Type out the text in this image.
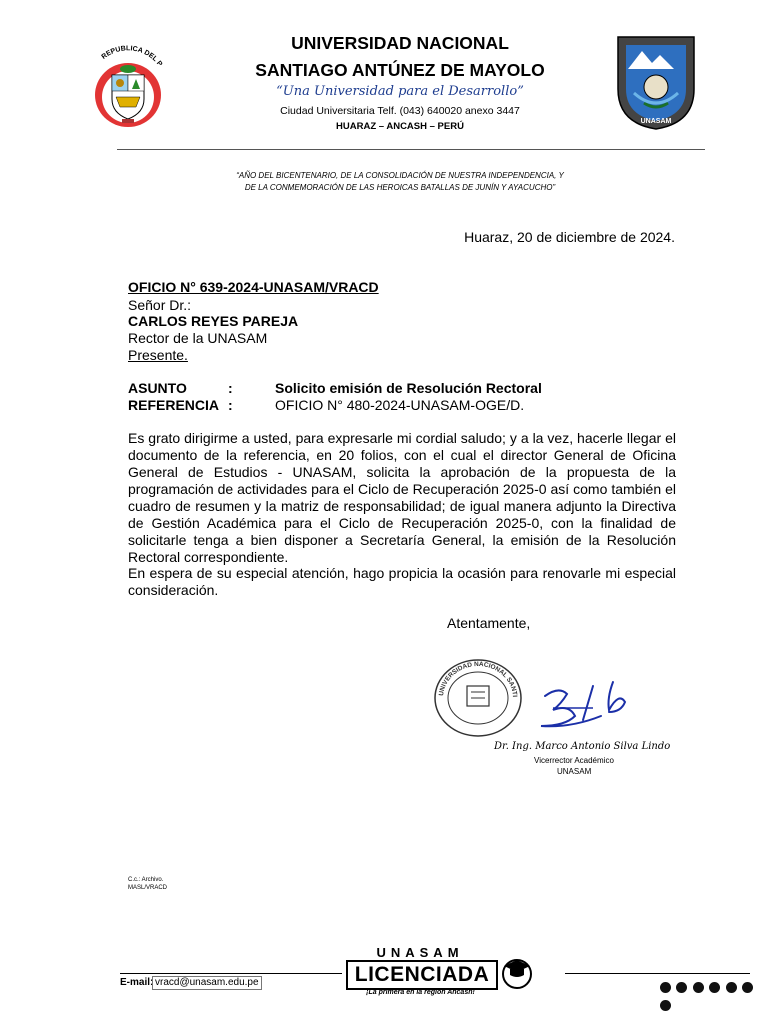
REPUBLICA DEL P
UNASAM
UNIVERSIDAD NACIONAL
SANTIAGO ANTÚNEZ DE MAYOLO
“Una Universidad para el Desarrollo”
Ciudad Universitaria Telf. (043) 640020 anexo 3447
HUARAZ – ANCASH – PERÚ
“AÑO DEL BICENTENARIO, DE LA CONSOLIDACIÓN DE NUESTRA INDEPENDENCIA, Y
DE LA CONMEMORACIÓN DE LAS HEROICAS BATALLAS DE JUNÍN Y AYACUCHO”
Huaraz, 20 de diciembre de 2024.
OFICIO N° 639-2024-UNASAM/VRACD
Señor Dr.:
CARLOS REYES PAREJA
Rector de la UNASAM
Presente.
ASUNTO	:	Solicito emisión de Resolución Rectoral
REFERENCIA :	OFICIO N° 480-2024-UNASAM-OGE/D.
Es grato dirigirme a usted, para expresarle mi cordial saludo; y a la vez, hacerle llegar el documento de la referencia, en 20 folios, con el cual el director General de Oficina General de Estudios - UNASAM, solicita la aprobación de la propuesta de la programación de actividades para el Ciclo de Recuperación 2025-0 así como también el cuadro de resumen y la matriz de responsabilidad; de igual manera adjunto la Directiva de Gestión Académica para el Ciclo de Recuperación 2025-0, con la finalidad de solicitarle tenga a bien disponer a Secretaría General, la emisión de la Resolución Rectoral correspondiente.
En espera de su especial atención, hago propicia la ocasión para renovarle mi especial consideración.
Atentamente,
UNIVERSIDAD NACIONAL SANTI
Dr. Ing. Marco Antonio Silva Lindo
Vicerrector Académico
UNASAM
C.c.: Archivo.
MASL/VRACD
E-mail: vracd@unasam.edu.pe
UNASAM
LICENCIADA
¡La primera en la región Ancash!
